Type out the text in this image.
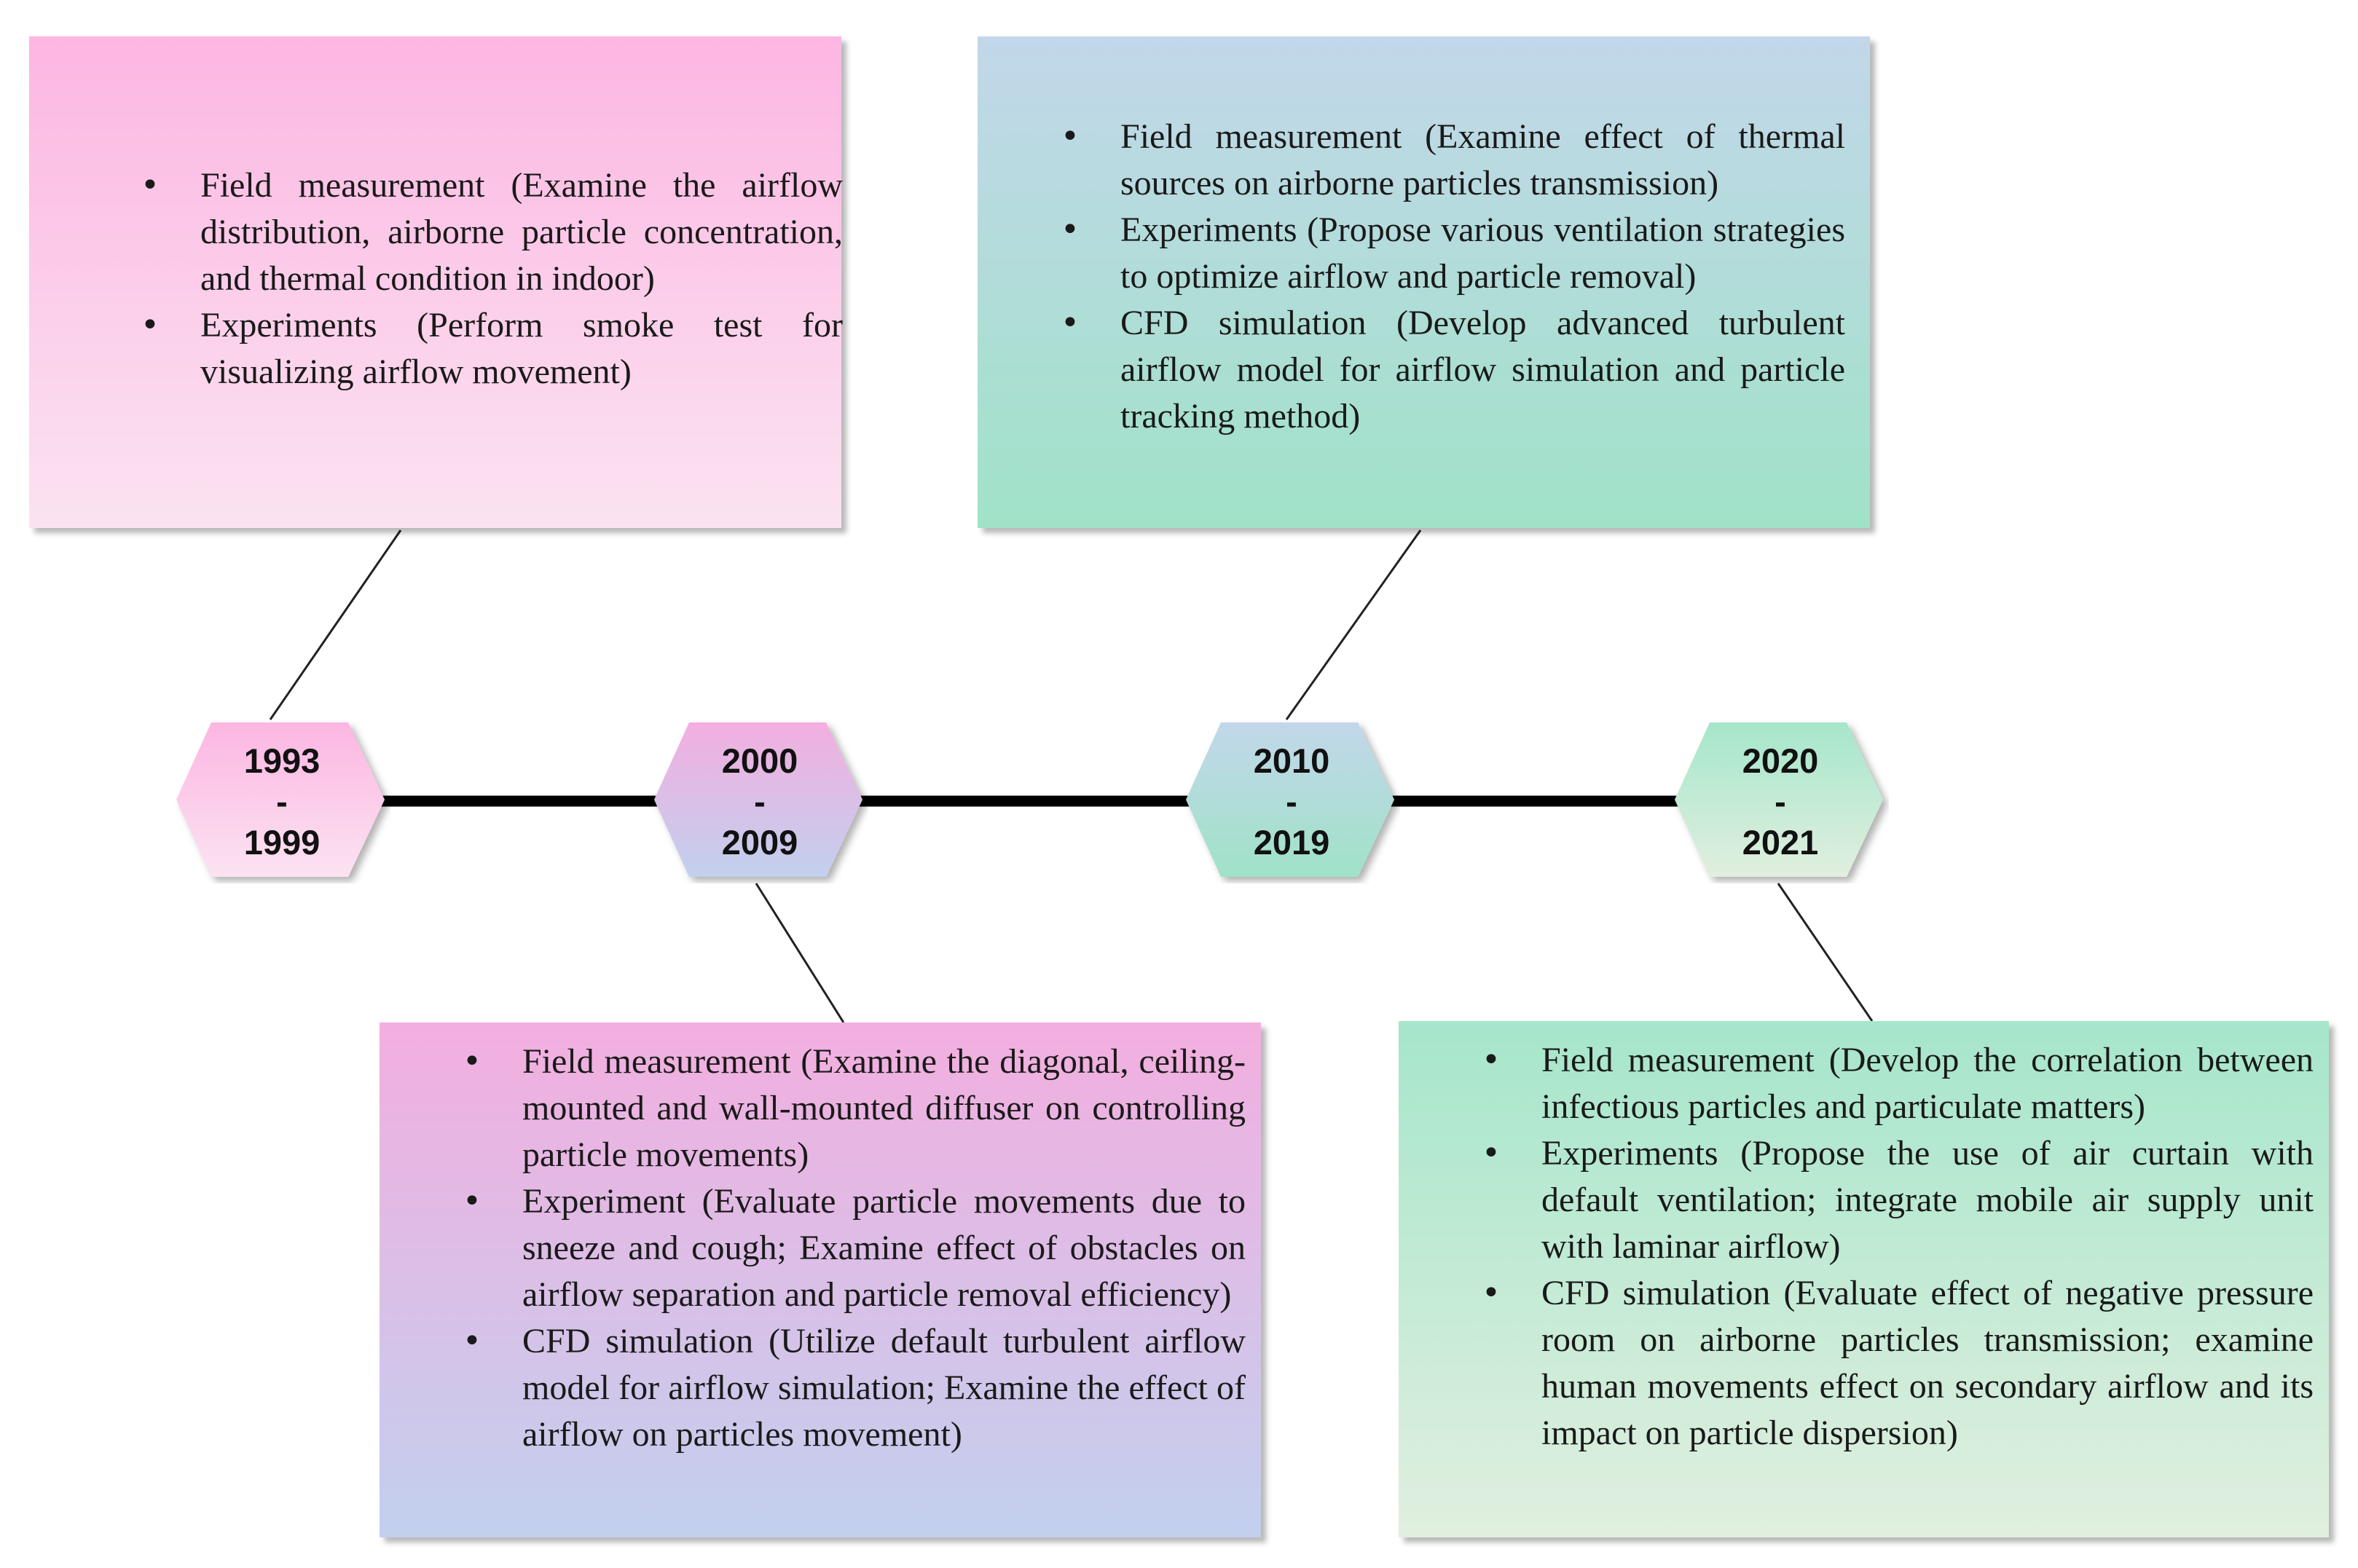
• Field measurement (Examine the airflow distribution, airborne particle concentration, and thermal condition in indoor)
• Experiments (Perform smoke test for visualizing airflow movement)
• Field measurement (Examine effect of thermal sources on airborne particles transmission)
• Experiments (Propose various ventilation strategies to optimize airflow and particle removal)
• CFD simulation (Develop advanced turbulent airflow model for airflow simulation and particle tracking method)
• Field measurement (Examine the diagonal, ceiling-mounted and wall-mounted diffuser on controlling particle movements)
• Experiment (Evaluate particle movements due to sneeze and cough; Examine effect of obstacles on airflow separation and particle removal efficiency)
• CFD simulation (Utilize default turbulent airflow model for airflow simulation; Examine the effect of airflow on particles movement)
• Field measurement (Develop the correlation between infectious particles and particulate matters)
• Experiments (Propose the use of air curtain with default ventilation; integrate mobile air supply unit with laminar airflow)
• CFD simulation (Evaluate effect of negative pressure room on airborne particles transmission; examine human movements effect on secondary airflow and its impact on particle dispersion)
1993
-
1999
2000
-
2009
2010
-
2019
2020
-
2021
